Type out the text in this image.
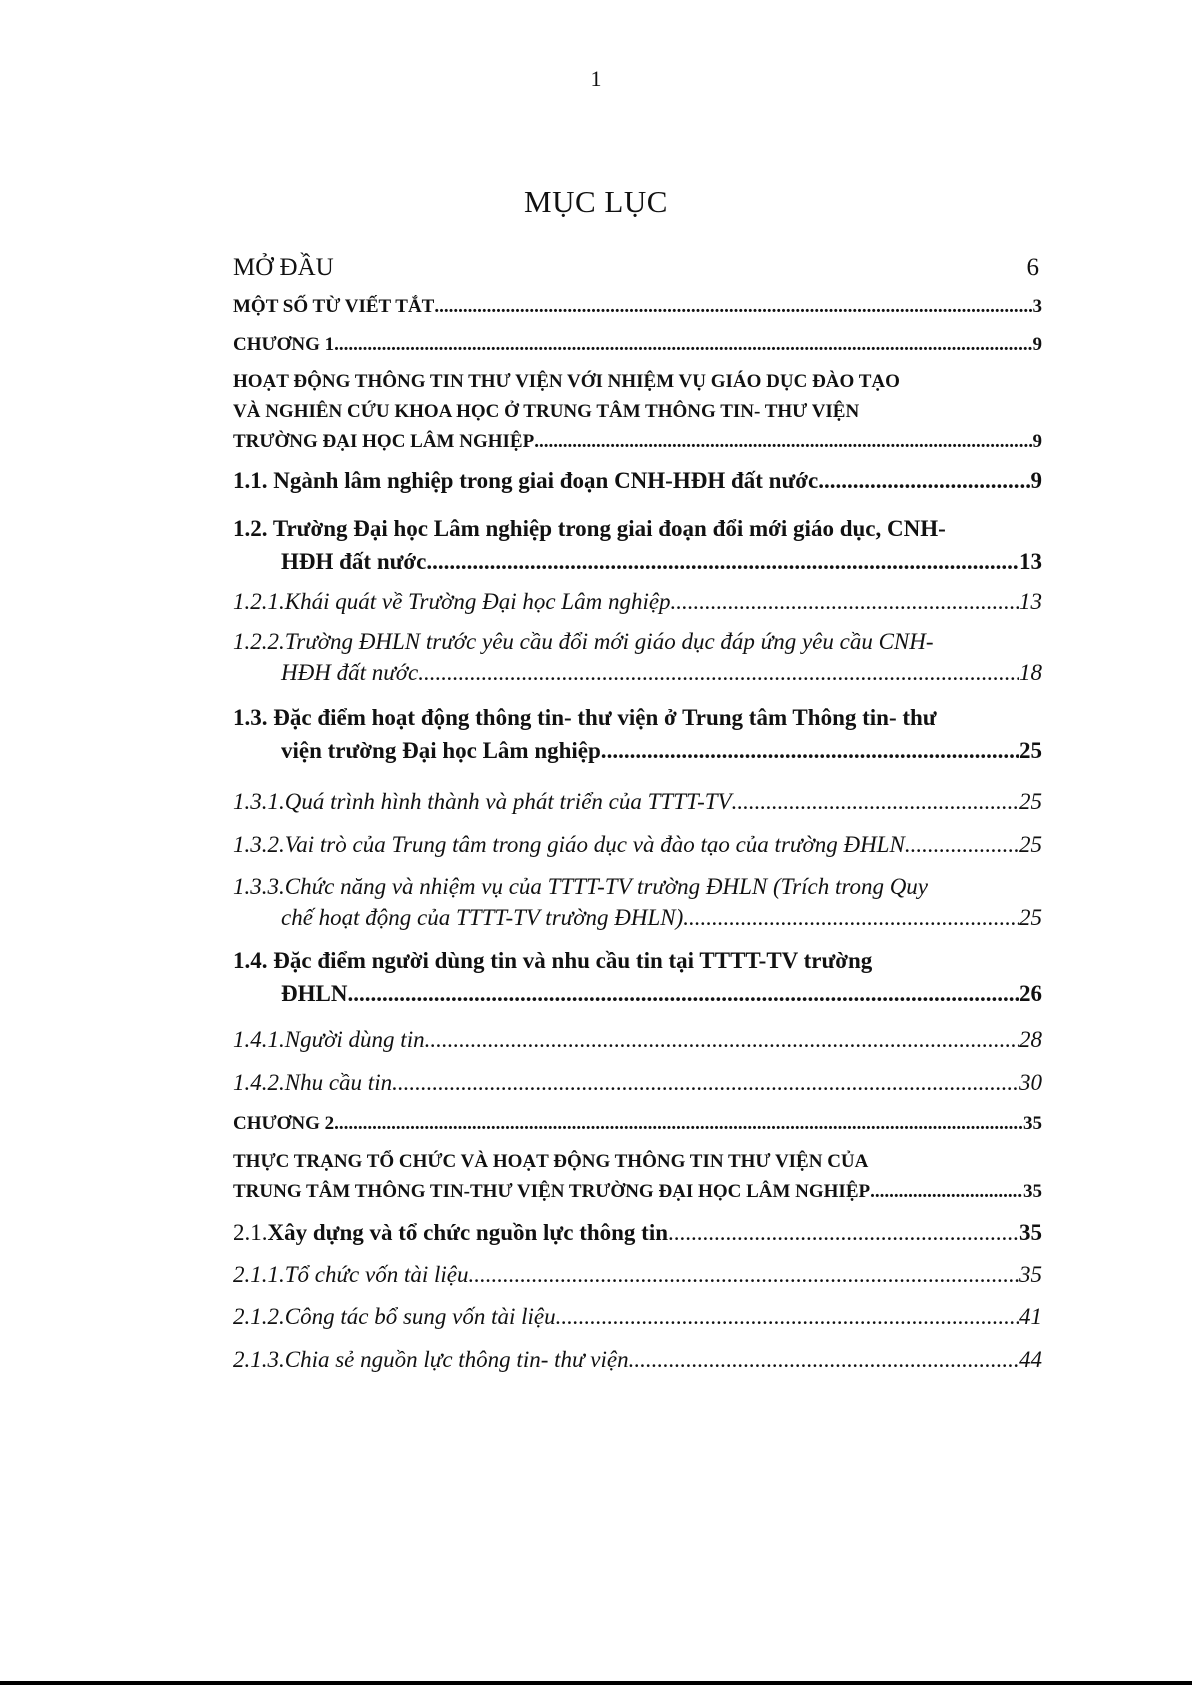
1
MỤC LỤC
MỞ ĐẦU	6
MỘT SỐ TỪ VIẾT TẮT .....	3
CHƯƠNG 1 .....	9
HOẠT ĐỘNG THÔNG TIN THƯ VIỆN VỚI NHIỆM VỤ GIÁO DỤC ĐÀO TẠO
VÀ NGHIÊN CỨU KHOA HỌC Ở TRUNG TÂM THÔNG TIN- THƯ VIỆN
TRƯỜNG ĐẠI HỌC LÂM NGHIỆP .....	9
1.1. Ngành lâm nghiệp trong giai đoạn CNH-HĐH đất nước. .....	9
1.2. Trường Đại học Lâm nghiệp trong giai đoạn đổi mới giáo dục, CNH-
HĐH đất nước .....	13
1.2.1.Khái quát về Trường Đại học Lâm nghiệp .....	13
1.2.2.Trường ĐHLN trước yêu cầu đổi mới giáo dục đáp ứng yêu cầu CNH-
HĐH đất nước .....	18
1.3. Đặc điểm hoạt động thông tin- thư viện ở Trung tâm Thông tin- thư
viện trường Đại học Lâm nghiệp. .....	25
1.3.1.Quá trình hình thành và phát triển của TTTT-TV .....	25
1.3.2.Vai trò của Trung tâm trong giáo dục và đào tạo của trường ĐHLN .....	25
1.3.3.Chức năng và nhiệm vụ của TTTT-TV trường ĐHLN (Trích trong Quy
chế hoạt động của TTTT-TV trường ĐHLN) .....	25
1.4. Đặc điểm người dùng tin và nhu cầu tin tại TTTT-TV trường
ĐHLN. .....	26
1.4.1.Người dùng tin .....	28
1.4.2.Nhu cầu tin .....	30
CHƯƠNG 2 .....	35
THỰC TRẠNG TỔ CHỨC VÀ HOẠT ĐỘNG THÔNG TIN THƯ VIỆN CỦA
TRUNG TÂM THÔNG TIN-THƯ VIỆN TRƯỜNG ĐẠI HỌC LÂM NGHIỆP .....	35
2.1. Xây dựng và tổ chức nguồn lực thông tin .....	35
2.1.1.Tổ chức vốn tài liệu .....	35
2.1.2.Công tác bổ sung vốn tài liệu. .....	41
2.1.3.Chia sẻ nguồn lực thông tin- thư viện .....	44
